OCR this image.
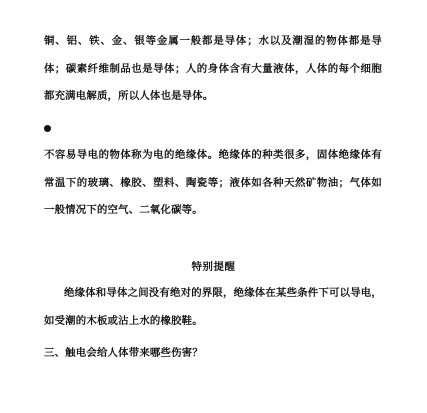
铜、铝、铁、金、银等金属一般都是导体；水以及潮湿的物体都是导体；碳素纤维制品也是导体；人的身体含有大量液体，人体的每个细胞都充满电解质，所以人体也是导体。

不容易导电的物体称为电的绝缘体。绝缘体的种类很多，固体绝缘体有常温下的玻璃、橡胶、塑料、陶瓷等；液体如各种天然矿物油；气体如一般情况下的空气、二氧化碳等。

特别提醒

绝缘体和导体之间没有绝对的界限，绝缘体在某些条件下可以导电，如受潮的木板或沾上水的橡胶鞋。

三、触电会给人体带来哪些伤害？
